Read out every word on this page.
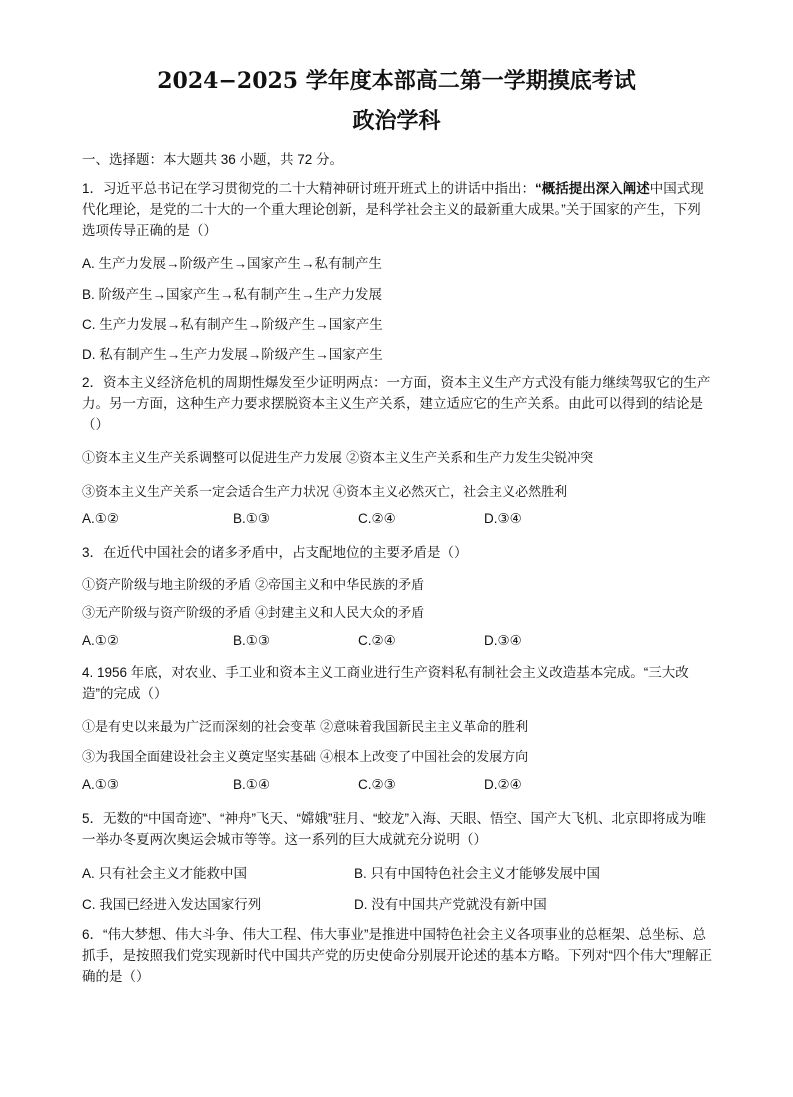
2024−2025 学年度本部高二第一学期摸底考试
政治学科
一、选择题：本大题共 36 小题，共 72 分。
1．习近平总书记在学习贯彻党的二十大精神研讨班开班式上的讲话中指出：“概括提出深入阐述中国式现代化理论，是党的二十大的一个重大理论创新，是科学社会主义的最新重大成果。”关于国家的产生，下列选项传导正确的是（）
A. 生产力发展→阶级产生→国家产生→私有制产生
B. 阶级产生→国家产生→私有制产生→生产力发展
C. 生产力发展→私有制产生→阶级产生→国家产生
D. 私有制产生→生产力发展→阶级产生→国家产生
2．资本主义经济危机的周期性爆发至少证明两点：一方面，资本主义生产方式没有能力继续驾驭它的生产力。另一方面，这种生产力要求摆脱资本主义生产关系，建立适应它的生产关系。由此可以得到的结论是（）
①资本主义生产关系调整可以促进生产力发展 ②资本主义生产关系和生产力发生尖锐冲突
③资本主义生产关系一定会适合生产力状况 ④资本主义必然灭亡，社会主义必然胜利
A.①②	B.①③	C.②④	D.③④
3．在近代中国社会的诸多矛盾中，占支配地位的主要矛盾是（）
①资产阶级与地主阶级的矛盾 ②帝国主义和中华民族的矛盾
③无产阶级与资产阶级的矛盾 ④封建主义和人民大众的矛盾
A.①②	B.①③	C.②④	D.③④
4. 1956 年底，对农业、手工业和资本主义工商业进行生产资料私有制社会主义改造基本完成。“三大改造”的完成（）
①是有史以来最为广泛而深刻的社会变革 ②意味着我国新民主主义革命的胜利
③为我国全面建设社会主义奠定坚实基础 ④根本上改变了中国社会的发展方向
A.①③	B.①④	C.②③	D.②④
5．无数的“中国奇迹”、“神舟”飞天、“嫦娥”驻月、“蛟龙”入海、天眼、悟空、国产大飞机、北京即将成为唯一举办冬夏两次奥运会城市等等。这一系列的巨大成就充分说明（）
A. 只有社会主义才能救中国	B. 只有中国特色社会主义才能够发展中国
C. 我国已经进入发达国家行列	D. 没有中国共产党就没有新中国
6．“伟大梦想、伟大斗争、伟大工程、伟大事业”是推进中国特色社会主义各项事业的总框架、总坐标、总抓手，是按照我们党实现新时代中国共产党的历史使命分别展开论述的基本方略。下列对“四个伟大”理解正确的是（）
